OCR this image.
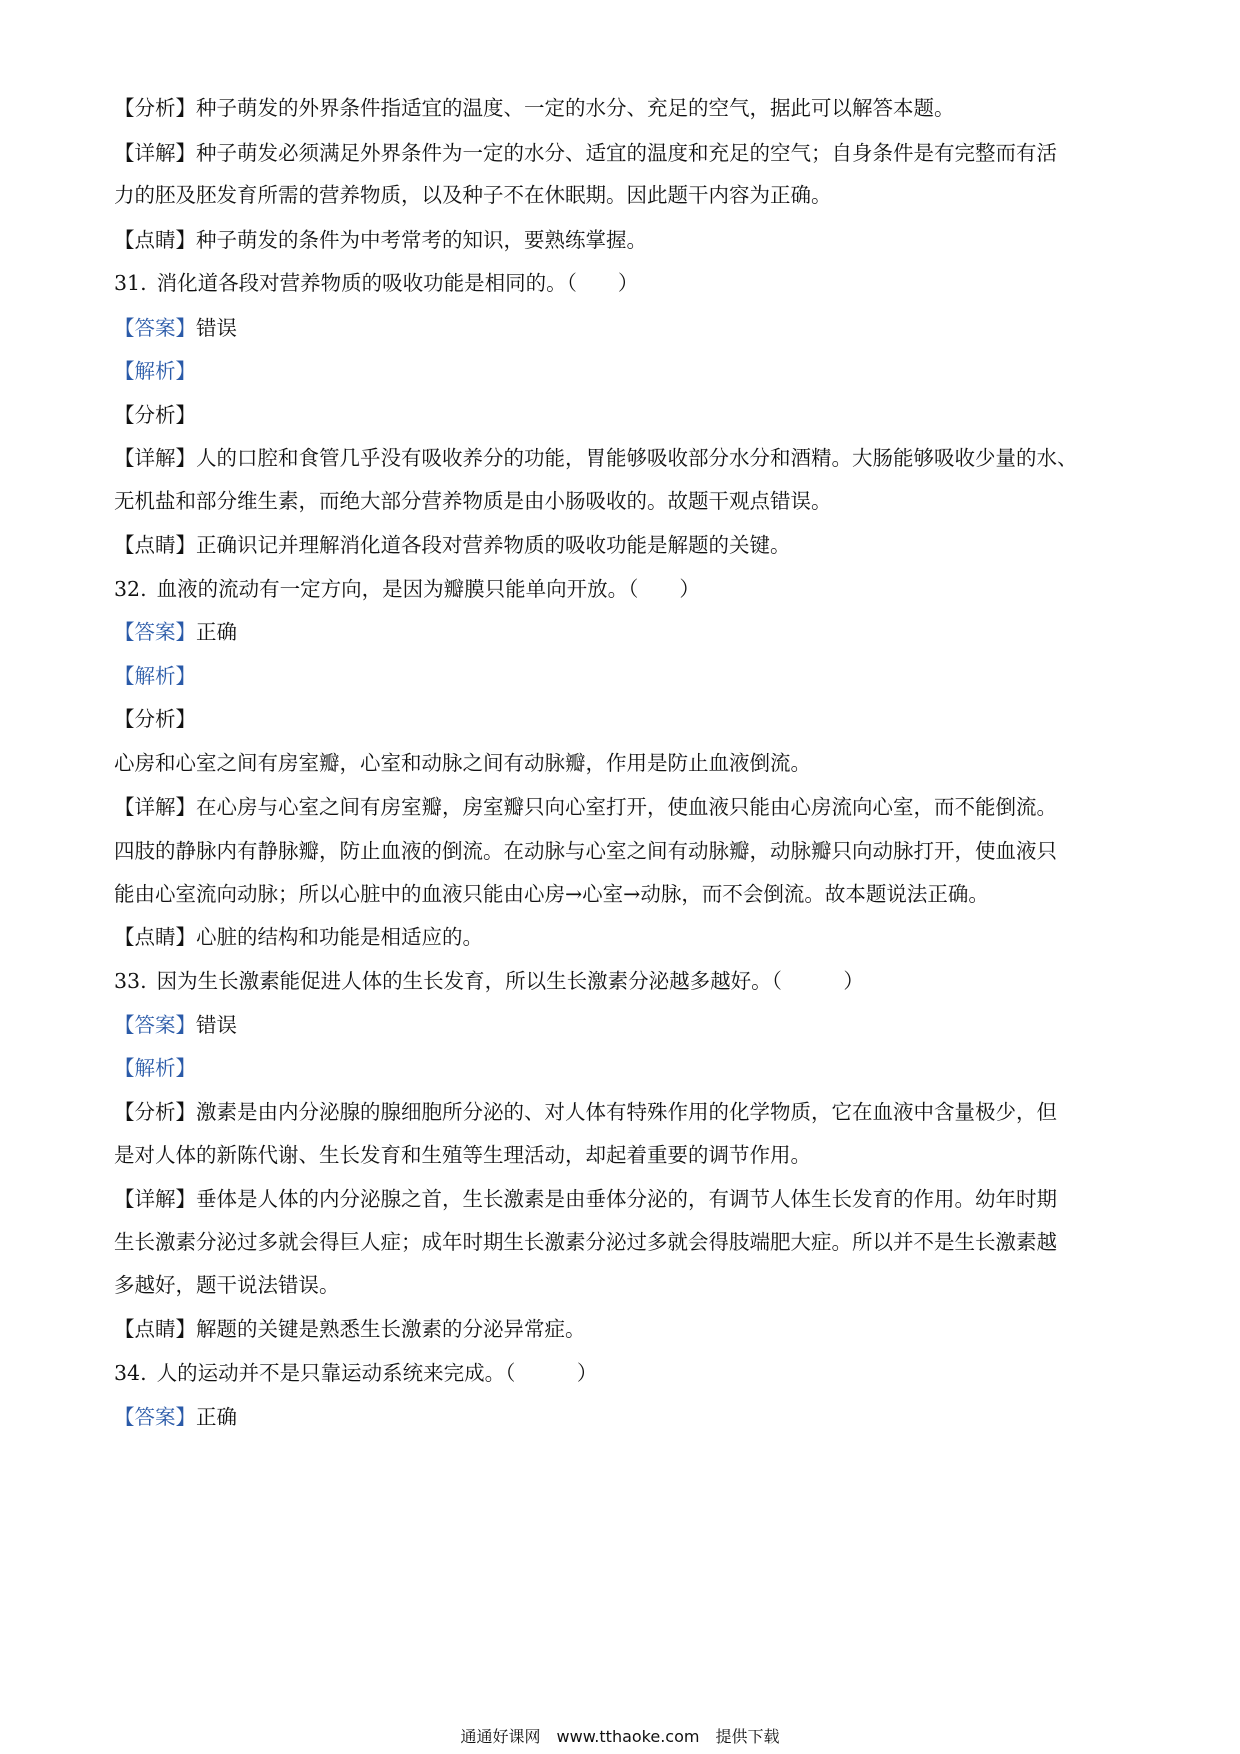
【分析】种子萌发的外界条件指适宜的温度、一定的水分、充足的空气，据此可以解答本题。
【详解】种子萌发必须满足外界条件为一定的水分、适宜的温度和充足的空气；自身条件是有完整而有活
力的胚及胚发育所需的营养物质，以及种子不在休眠期。因此题干内容为正确。
【点睛】种子萌发的条件为中考常考的知识，要熟练掌握。
31. 消化道各段对营养物质的吸收功能是相同的。（　　）
【答案】错误
【解析】
【分析】
【详解】人的口腔和食管几乎没有吸收养分的功能，胃能够吸收部分水分和酒精。大肠能够吸收少量的水、
无机盐和部分维生素，而绝大部分营养物质是由小肠吸收的。故题干观点错误。
【点睛】正确识记并理解消化道各段对营养物质的吸收功能是解题的关键。
32. 血液的流动有一定方向，是因为瓣膜只能单向开放。（　　）
【答案】正确
【解析】
【分析】
心房和心室之间有房室瓣，心室和动脉之间有动脉瓣，作用是防止血液倒流。
【详解】在心房与心室之间有房室瓣，房室瓣只向心室打开，使血液只能由心房流向心室，而不能倒流。
四肢的静脉内有静脉瓣，防止血液的倒流。在动脉与心室之间有动脉瓣，动脉瓣只向动脉打开，使血液只
能由心室流向动脉；所以心脏中的血液只能由心房→心室→动脉，而不会倒流。故本题说法正确。
【点睛】心脏的结构和功能是相适应的。
33. 因为生长激素能促进人体的生长发育，所以生长激素分泌越多越好。（　　　）
【答案】错误
【解析】
【分析】激素是由内分泌腺的腺细胞所分泌的、对人体有特殊作用的化学物质，它在血液中含量极少，但
是对人体的新陈代谢、生长发育和生殖等生理活动，却起着重要的调节作用。
【详解】垂体是人体的内分泌腺之首，生长激素是由垂体分泌的，有调节人体生长发育的作用。幼年时期
生长激素分泌过多就会得巨人症；成年时期生长激素分泌过多就会得肢端肥大症。所以并不是生长激素越
多越好，题干说法错误。
【点睛】解题的关键是熟悉生长激素的分泌异常症。
34. 人的运动并不是只靠运动系统来完成。（　　　）
【答案】正确
通通好课网　www.tthaoke.com　提供下载
